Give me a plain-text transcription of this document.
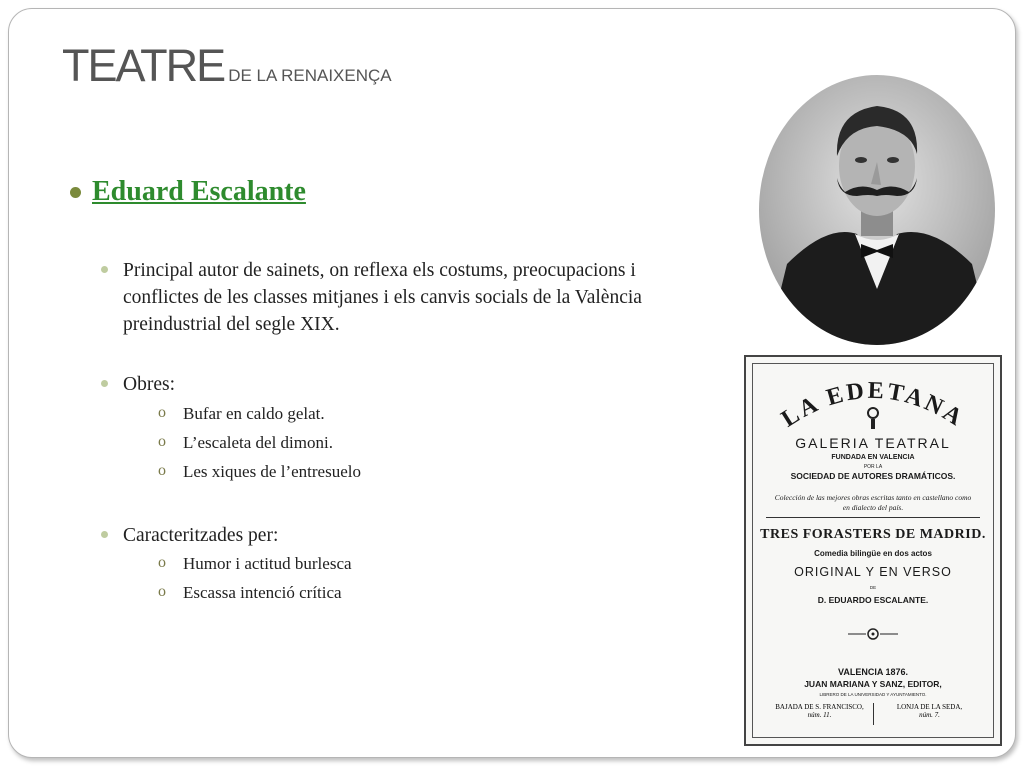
TEATRE DE LA RENAIXENÇA
Eduard Escalante
Principal autor de sainets, on reflexa els costums, preocupacions i conflictes de les classes mitjanes i els canvis socials de la València preindustrial del segle XIX.
Obres:
o Bufar en caldo gelat.
o L’escaleta del dimoni.
o Les xiques de l’entresuelo
Caracteritzades per:
o Humor i actitud burlesca
o Escassa intenció crítica
LA EDETANA
GALERIA TEATRAL
FUNDADA EN VALENCIA
POR LA
SOCIEDAD DE AUTORES DRAMÁTICOS.
Colección de las mejores obras escritas tanto en castellano como
en dialecto del país.
TRES FORASTERS DE MADRID.
Comedia bilingüe en dos actos
ORIGINAL Y EN VERSO
DE
D. EDUARDO ESCALANTE.
VALENCIA 1876.
JUAN MARIANA Y SANZ, EDITOR,
LIBRERO DE LA UNIVERSIDAD Y AYUNTAMIENTO.
BAJADA DE S. FRANCISCO,
núm. 11.
LONJA DE LA SEDA,
núm. 7.
